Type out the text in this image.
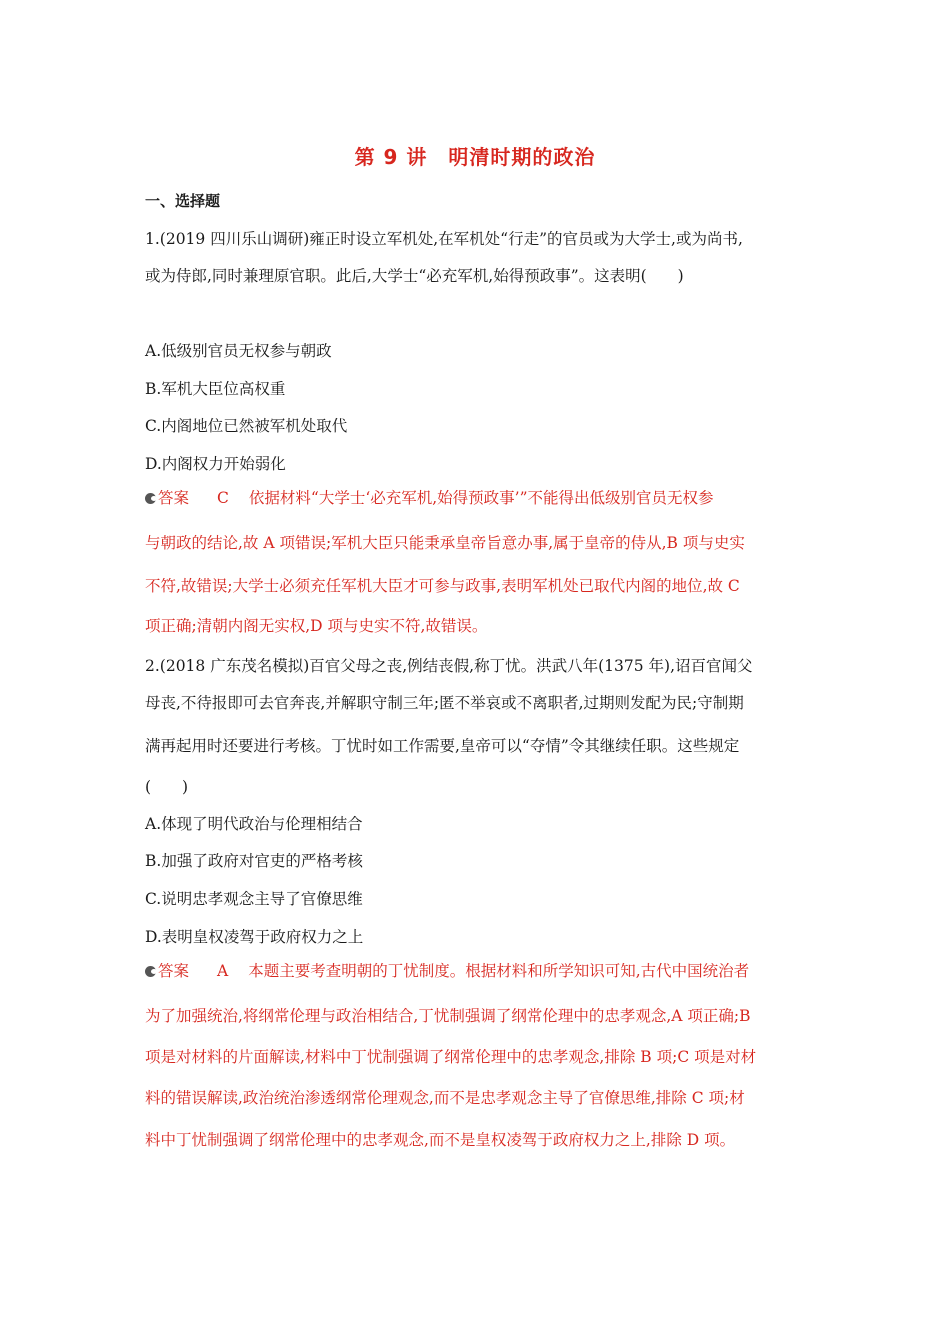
第 9 讲　明清时期的政治
一、选择题
1.(2019 四川乐山调研)雍正时设立军机处,在军机处“行走”的官员或为大学士,或为尚书,
或为侍郎,同时兼理原官职。此后,大学士“必充军机,始得预政事”。这表明(　　)
A.低级别官员无权参与朝政
B.军机大臣位高权重
C.内阁地位已然被军机处取代
D.内阁权力开始弱化
答案 C 依据材料“大学士‘必充军机,始得预政事’”不能得出低级别官员无权参
与朝政的结论,故 A 项错误;军机大臣只能秉承皇帝旨意办事,属于皇帝的侍从,B 项与史实
不符,故错误;大学士必须充任军机大臣才可参与政事,表明军机处已取代内阁的地位,故 C
项正确;清朝内阁无实权,D 项与史实不符,故错误。
2.(2018 广东茂名模拟)百官父母之丧,例结丧假,称丁忧。洪武八年(1375 年),诏百官闻父
母丧,不待报即可去官奔丧,并解职守制三年;匿不举哀或不离职者,过期则发配为民;守制期
满再起用时还要进行考核。丁忧时如工作需要,皇帝可以“夺情”令其继续任职。这些规定
(　　)
A.体现了明代政治与伦理相结合
B.加强了政府对官吏的严格考核
C.说明忠孝观念主导了官僚思维
D.表明皇权凌驾于政府权力之上
答案 A 本题主要考查明朝的丁忧制度。根据材料和所学知识可知,古代中国统治者
为了加强统治,将纲常伦理与政治相结合,丁忧制强调了纲常伦理中的忠孝观念,A 项正确;B
项是对材料的片面解读,材料中丁忧制强调了纲常伦理中的忠孝观念,排除 B 项;C 项是对材
料的错误解读,政治统治渗透纲常伦理观念,而不是忠孝观念主导了官僚思维,排除 C 项;材
料中丁忧制强调了纲常伦理中的忠孝观念,而不是皇权凌驾于政府权力之上,排除 D 项。
